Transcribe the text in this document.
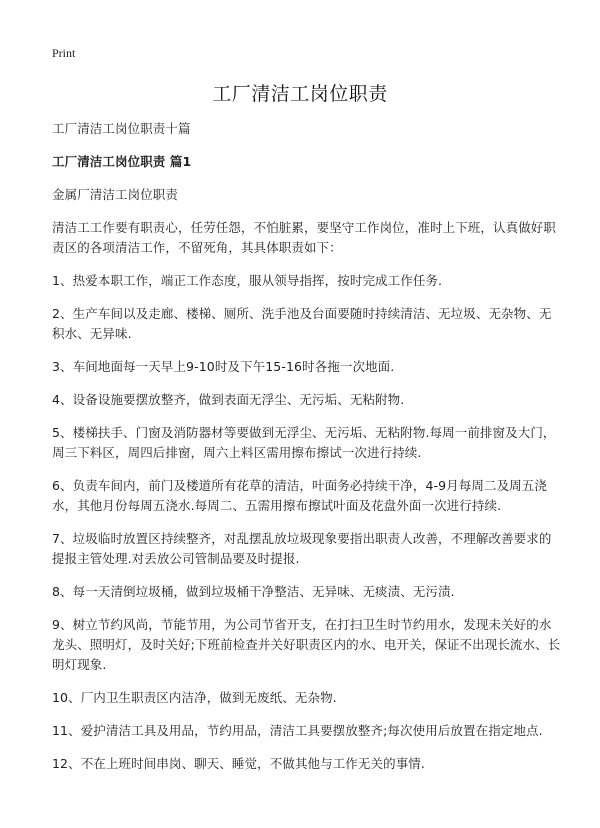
Print
工厂清洁工岗位职责

工厂清洁工岗位职责十篇

工厂清洁工岗位职责 篇1

金属厂清洁工岗位职责

清洁工工作要有职责心，任劳任怨，不怕脏累，要坚守工作岗位，准时上下班，认真做好职责区的各项清洁工作，不留死角，其具体职责如下：

1、热爱本职工作，端正工作态度，服从领导指挥，按时完成工作任务.

2、生产车间以及走廊、楼梯、厕所、洗手池及台面要随时持续清洁、无垃圾、无杂物、无积水、无异味.

3、车间地面每一天早上9-10时及下午15-16时各拖一次地面.

4、设备设施要摆放整齐，做到表面无浮尘、无污垢、无粘附物.

5、楼梯扶手、门窗及消防器材等要做到无浮尘、无污垢、无粘附物.每周一前排窗及大门，周三下料区，周四后排窗，周六上料区需用擦布擦试一次进行持续.

6、负责车间内，前门及楼道所有花草的清洁，叶面务必持续干净，4-9月每周二及周五浇水，其他月份每周五浇水.每周二、五需用擦布擦试叶面及花盘外面一次进行持续.

7、垃圾临时放置区持续整齐，对乱摆乱放垃圾现象要指出职责人改善，不理解改善要求的提报主管处理.对丢放公司管制品要及时提报.

8、每一天清倒垃圾桶，做到垃圾桶干净整洁、无异味、无痰渍、无污渍.

9、树立节约风尚，节能节用，为公司节省开支，在打扫卫生时节约用水，发现未关好的水龙头、照明灯，及时关好;下班前检查并关好职责区内的水、电开关，保证不出现长流水、长明灯现象.

10、厂内卫生职责区内洁净，做到无废纸、无杂物.

11、爱护清洁工具及用品，节约用品，清洁工具要摆放整齐;每次使用后放置在指定地点.

12、不在上班时间串岗、聊天、睡觉，不做其他与工作无关的事情.
